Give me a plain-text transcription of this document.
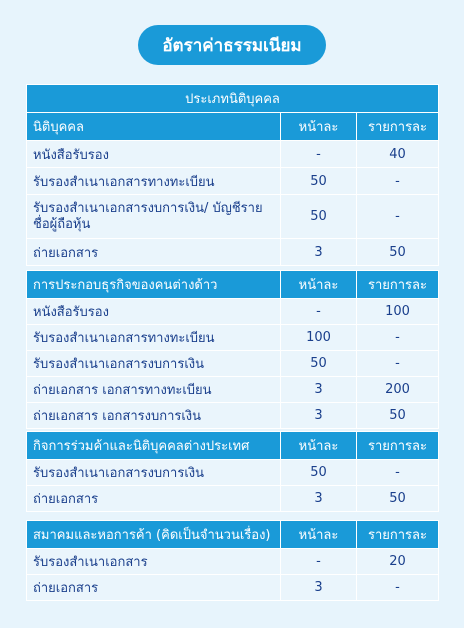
อัตราค่าธรรมเนียม
ประเภทนิติบุคคล		
นิติบุคคล	หน้าละ	รายการละ
หนังสือรับรอง	-	40
รับรองสำเนาเอกสารทางทะเบียน	50	-
รับรองสำเนาเอกสารงบการเงิน/ บัญชีรายชื่อผู้ถือหุ้น	50	-
ถ่ายเอกสาร	3	50
การประกอบธุรกิจของคนต่างด้าว	หน้าละ	รายการละ
หนังสือรับรอง	-	100
รับรองสำเนาเอกสารทางทะเบียน	100	-
รับรองสำเนาเอกสารงบการเงิน	50	-
ถ่ายเอกสาร เอกสารทางทะเบียน	3	200
ถ่ายเอกสาร เอกสารงบการเงิน	3	50
กิจการร่วมค้าและนิติบุคคลต่างประเทศ	หน้าละ	รายการละ
รับรองสำเนาเอกสารงบการเงิน	50	-
ถ่ายเอกสาร	3	50
สมาคมและหอการค้า (คิดเป็นจำนวนเรื่อง)	หน้าละ	รายการละ
รับรองสำเนาเอกสาร	-	20
ถ่ายเอกสาร	3	-
